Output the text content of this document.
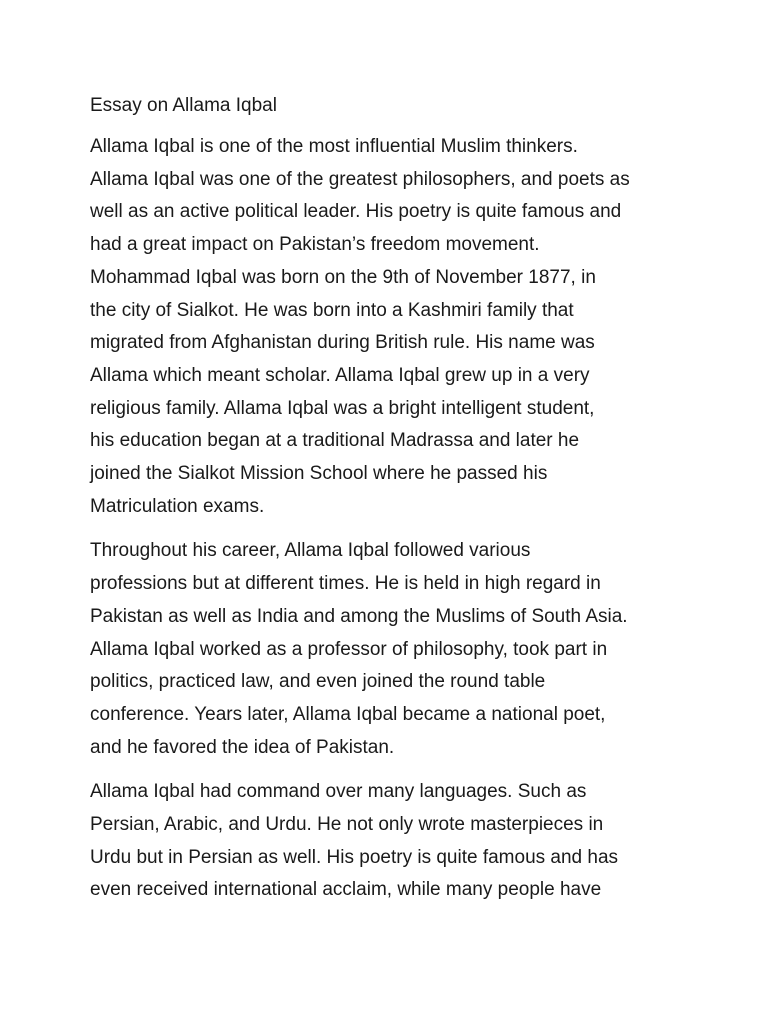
Essay on Allama Iqbal
Allama Iqbal is one of the most influential Muslim thinkers.
Allama Iqbal was one of the greatest philosophers, and poets as
well as an active political leader. His poetry is quite famous and
had a great impact on Pakistan’s freedom movement.
Mohammad Iqbal was born on the 9th of November 1877, in
the city of Sialkot. He was born into a Kashmiri family that
migrated from Afghanistan during British rule. His name was
Allama which meant scholar. Allama Iqbal grew up in a very
religious family. Allama Iqbal was a bright intelligent student,
his education began at a traditional Madrassa and later he
joined the Sialkot Mission School where he passed his
Matriculation exams.
Throughout his career, Allama Iqbal followed various
professions but at different times. He is held in high regard in
Pakistan as well as India and among the Muslims of South Asia.
Allama Iqbal worked as a professor of philosophy, took part in
politics, practiced law, and even joined the round table
conference. Years later, Allama Iqbal became a national poet,
and he favored the idea of Pakistan.
Allama Iqbal had command over many languages. Such as
Persian, Arabic, and Urdu. He not only wrote masterpieces in
Urdu but in Persian as well. His poetry is quite famous and has
even received international acclaim, while many people have
